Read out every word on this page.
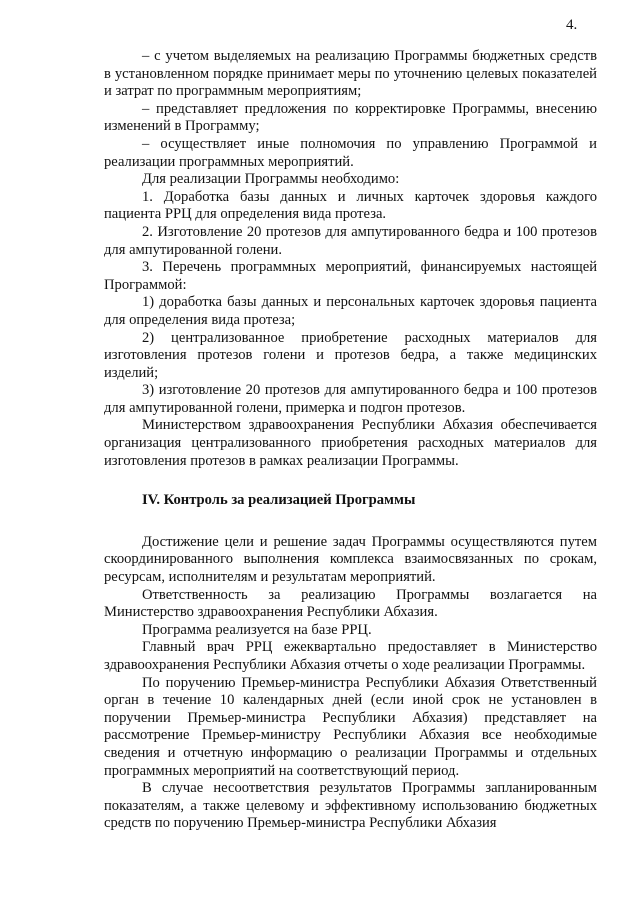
4.

– с учетом выделяемых на реализацию Программы бюджетных средств в установленном порядке принимает меры по уточнению целевых показателей и затрат по программным мероприятиям;

– представляет предложения по корректировке Программы, внесению изменений в Программу;

– осуществляет иные полномочия по управлению Программой и реализации программных мероприятий.

Для реализации Программы необходимо:

1. Доработка базы данных и личных карточек здоровья каждого пациента РРЦ для определения вида протеза.

2. Изготовление 20 протезов для ампутированного бедра и 100 протезов для ампутированной голени.

3. Перечень программных мероприятий, финансируемых настоящей Программой:

1) доработка базы данных и персональных карточек здоровья пациента для определения вида протеза;

2) централизованное приобретение расходных материалов для изготовления протезов голени и протезов бедра, а также медицинских изделий;

3) изготовление 20 протезов для ампутированного бедра и 100 протезов для ампутированной голени, примерка и подгон протезов.

Министерством здравоохранения Республики Абхазия обеспечивается организация централизованного приобретения расходных материалов для изготовления протезов в рамках реализации Программы.

IV. Контроль за реализацией Программы

Достижение цели и решение задач Программы осуществляются путем скоординированного выполнения комплекса взаимосвязанных по срокам, ресурсам, исполнителям и результатам мероприятий.

Ответственность за реализацию Программы возлагается на Министерство здравоохранения Республики Абхазия.

Программа реализуется на базе РРЦ.

Главный врач РРЦ ежеквартально предоставляет в Министерство здравоохранения Республики Абхазия отчеты о ходе реализации Программы.

По поручению Премьер-министра Республики Абхазия Ответственный орган в течение 10 календарных дней (если иной срок не установлен в поручении Премьер-министра Республики Абхазия) представляет на рассмотрение Премьер-министру Республики Абхазия все необходимые сведения и отчетную информацию о реализации Программы и отдельных программных мероприятий на соответствующий период.

В случае несоответствия результатов Программы запланированным показателям, а также целевому и эффективному использованию бюджетных средств по поручению Премьер-министра Республики Абхазия
